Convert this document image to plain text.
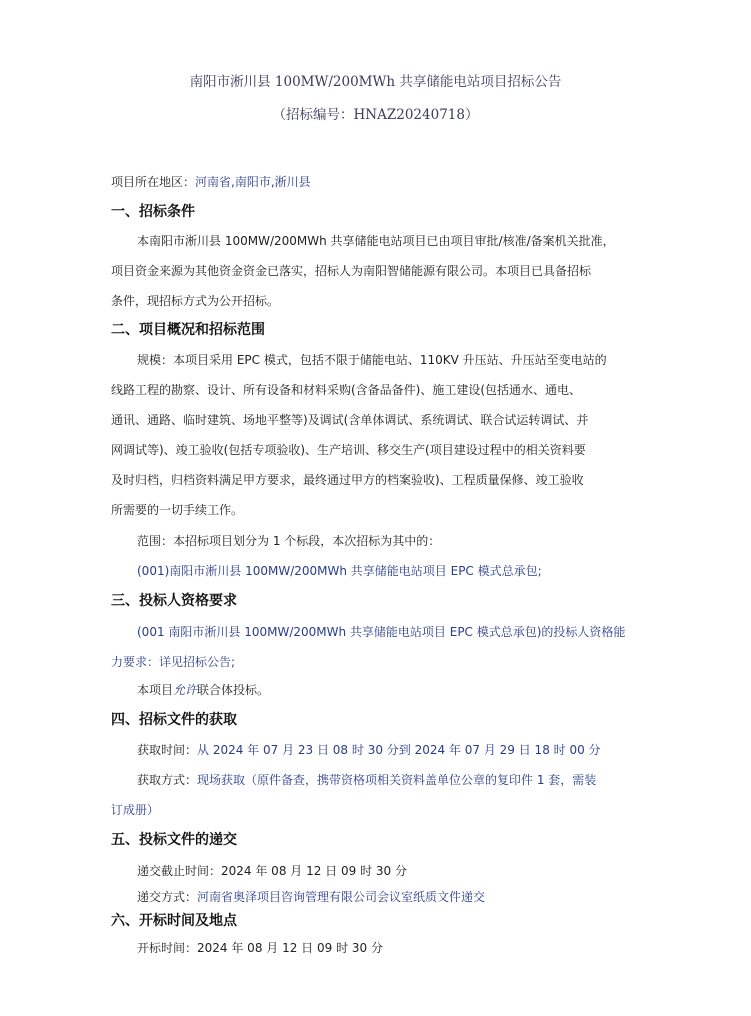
南阳市淅川县 100MW/200MWh 共享储能电站项目招标公告
（招标编号：HNAZ20240718）
项目所在地区：河南省,南阳市,淅川县
一、招标条件
本南阳市淅川县 100MW/200MWh 共享储能电站项目已由项目审批/核准/备案机关批准，
项目资金来源为其他资金资金已落实，招标人为南阳智储能源有限公司。本项目已具备招标
条件，现招标方式为公开招标。
二、项目概况和招标范围
规模：本项目采用 EPC 模式，包括不限于储能电站、110KV 升压站、升压站至变电站的
线路工程的勘察、设计、所有设备和材料采购(含备品备件)、施工建设(包括通水、通电、
通讯、通路、临时建筑、场地平整等)及调试(含单体调试、系统调试、联合试运转调试、并
网调试等)、竣工验收(包括专项验收)、生产培训、移交生产(项目建设过程中的相关资料要
及时归档，归档资料满足甲方要求，最终通过甲方的档案验收)、工程质量保修、竣工验收
所需要的一切手续工作。
范围：本招标项目划分为 1 个标段，本次招标为其中的：
(001)南阳市淅川县 100MW/200MWh 共享储能电站项目 EPC 模式总承包;
三、投标人资格要求
(001 南阳市淅川县 100MW/200MWh 共享储能电站项目 EPC 模式总承包)的投标人资格能
力要求：详见招标公告;
本项目允许联合体投标。
四、招标文件的获取
获取时间：从 2024 年 07 月 23 日 08 时 30 分到 2024 年 07 月 29 日 18 时 00 分
获取方式：现场获取（原件备查，携带资格项相关资料盖单位公章的复印件 1 套，需装
订成册）
五、投标文件的递交
递交截止时间：2024 年 08 月 12 日 09 时 30 分
递交方式：河南省奥泽项目咨询管理有限公司会议室纸质文件递交
六、开标时间及地点
开标时间：2024 年 08 月 12 日 09 时 30 分
